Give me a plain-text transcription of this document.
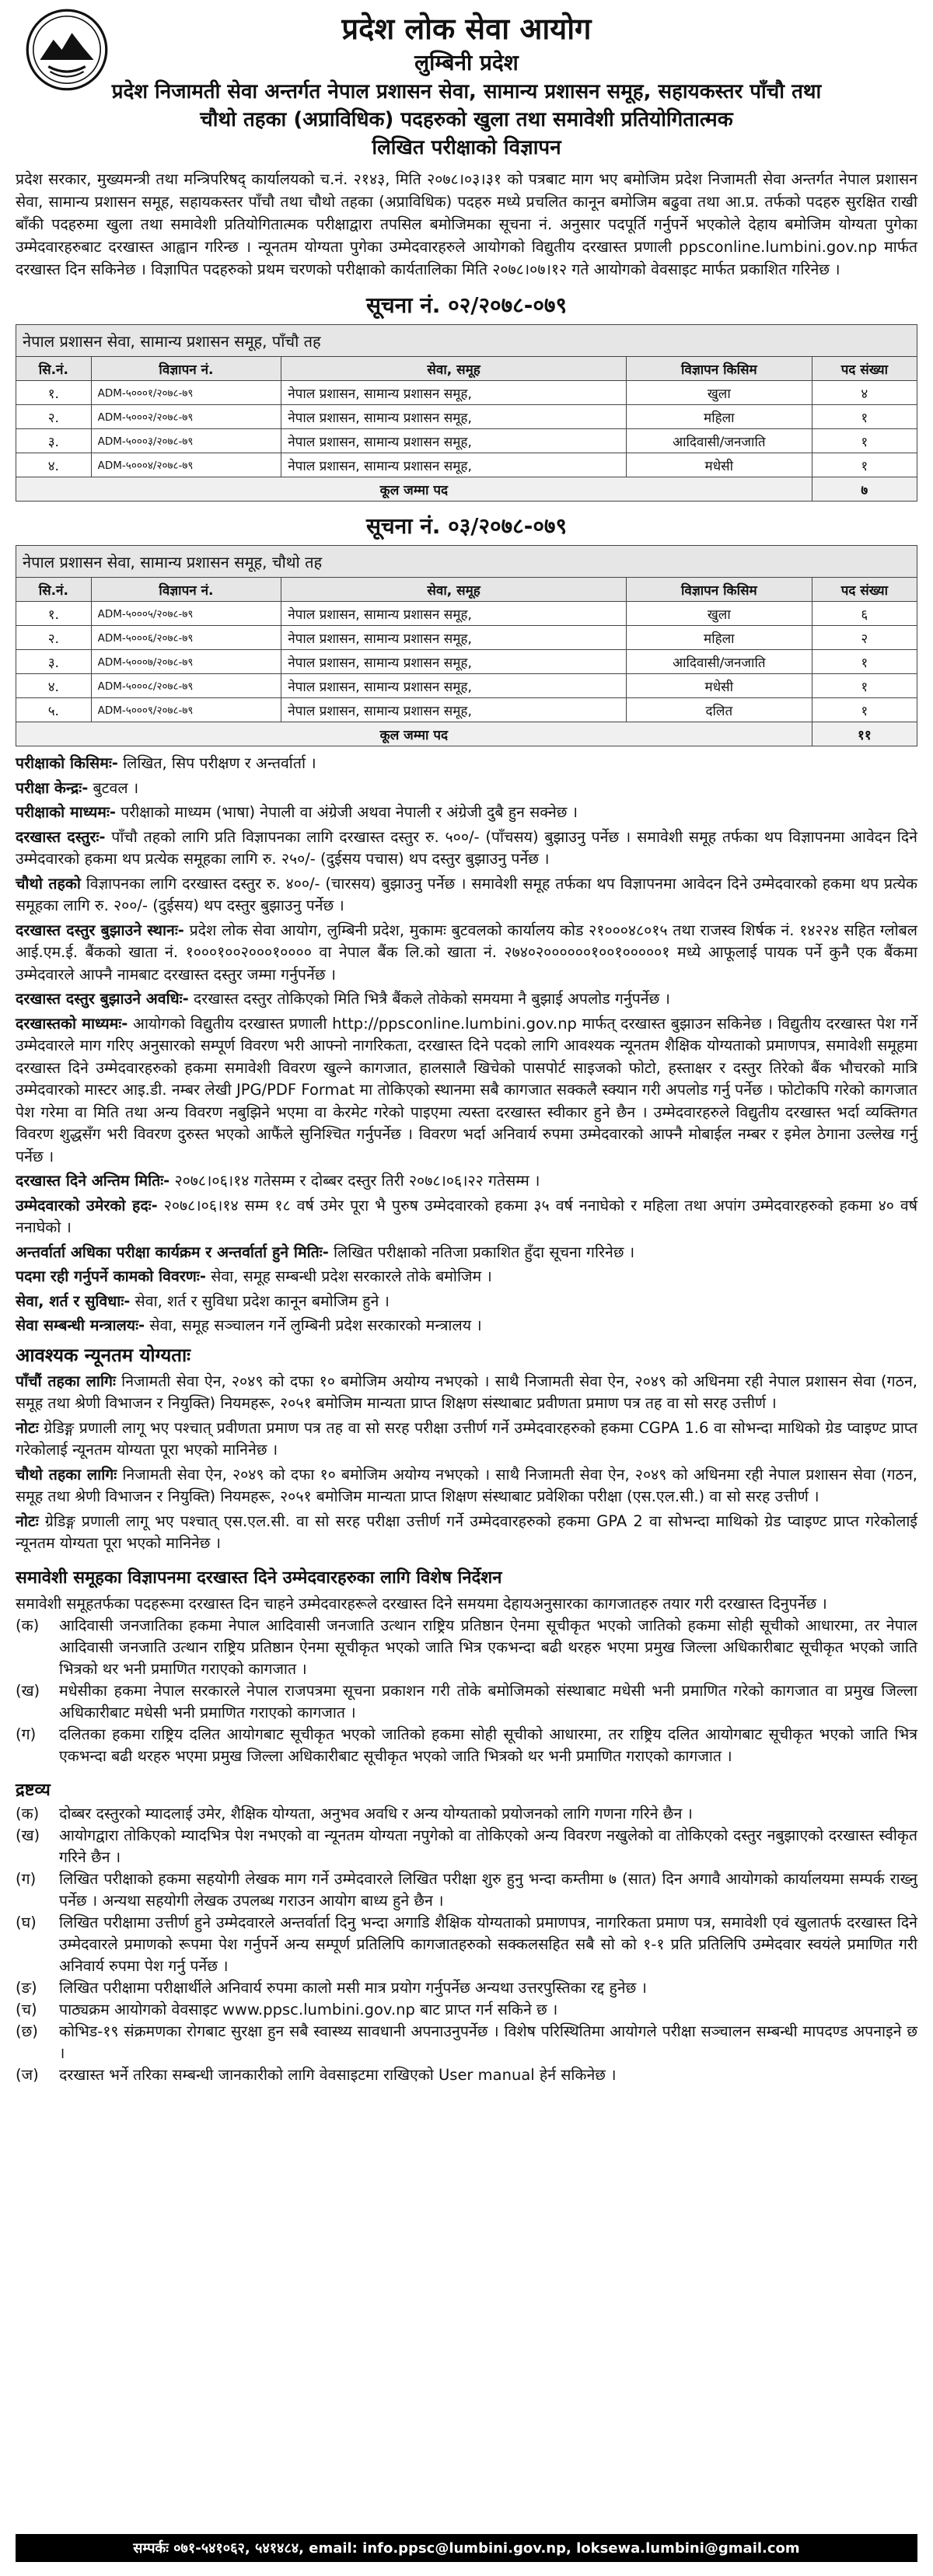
प्रदेश लोक सेवा आयोग

लुम्बिनी प्रदेश

प्रदेश निजामती सेवा अन्तर्गत नेपाल प्रशासन सेवा, सामान्य प्रशासन समूह, सहायकस्तर पाँचौ तथा

चौथो तहका (अप्राविधिक) पदहरुको खुला तथा समावेशी प्रतियोगितात्मक

लिखित परीक्षाको विज्ञापन

प्रदेश सरकार, मुख्यमन्त्री तथा मन्त्रिपरिषद् कार्यालयको च.नं. २१४३, मिति २०७८।०३।३१ को पत्रबाट माग भए बमोजिम प्रदेश निजामती सेवा अन्तर्गत नेपाल प्रशासन सेवा, सामान्य प्रशासन समूह, सहायकस्तर पाँचौ तथा चौथो तहका (अप्राविधिक) पदहरु मध्ये प्रचलित कानून बमोजिम बढुवा तथा आ.प्र. तर्फको पदहरु सुरक्षित राखी बाँकी पदहरुमा खुला तथा समावेशी प्रतियोगितात्मक परीक्षाद्वारा तपसिल बमोजिमका सूचना नं. अनुसार पदपूर्ति गर्नुपर्ने भएकोले देहाय बमोजिम योग्यता पुगेका उम्मेदवारहरुबाट दरखास्त आह्वान गरिन्छ । न्यूनतम योग्यता पुगेका उम्मेदवारहरुले आयोगको विद्युतीय दरखास्त प्रणाली ppsconline.lumbini.gov.np मार्फत दरखास्त दिन सकिनेछ । विज्ञापित पदहरुको प्रथम चरणको परीक्षाको कार्यतालिका मिति २०७८।०७।१२ गते आयोगको वेवसाइट मार्फत प्रकाशित गरिनेछ ।

सूचना नं. ०२/२०७८-०७९

नेपाल प्रशासन सेवा, सामान्य प्रशासन समूह, पाँचौ तह				
सि.नं.	विज्ञापन नं.	सेवा, समूह	विज्ञापन किसिम	पद संख्या
१.	ADM-५०००१/२०७८-७९	नेपाल प्रशासन, सामान्य प्रशासन समूह,	खुला	४
२.	ADM-५०००२/२०७८-७९	नेपाल प्रशासन, सामान्य प्रशासन समूह,	महिला	१
३.	ADM-५०००३/२०७८-७९	नेपाल प्रशासन, सामान्य प्रशासन समूह,	आदिवासी/जनजाति	१
४.	ADM-५०००४/२०७८-७९	नेपाल प्रशासन, सामान्य प्रशासन समूह,	मधेसी	१
कूल जम्मा पद				७

सूचना नं. ०३/२०७८-०७९

नेपाल प्रशासन सेवा, सामान्य प्रशासन समूह, चौथो तह				
सि.नं.	विज्ञापन नं.	सेवा, समूह	विज्ञापन किसिम	पद संख्या
१.	ADM-५०००५/२०७८-७९	नेपाल प्रशासन, सामान्य प्रशासन समूह,	खुला	६
२.	ADM-५०००६/२०७८-७९	नेपाल प्रशासन, सामान्य प्रशासन समूह,	महिला	२
३.	ADM-५०००७/२०७८-७९	नेपाल प्रशासन, सामान्य प्रशासन समूह,	आदिवासी/जनजाति	१
४.	ADM-५०००८/२०७८-७९	नेपाल प्रशासन, सामान्य प्रशासन समूह,	मधेसी	१
५.	ADM-५०००९/२०७८-७९	नेपाल प्रशासन, सामान्य प्रशासन समूह,	दलित	१
कूल जम्मा पद				११

परीक्षाको किसिमः- लिखित, सिप परीक्षण र अन्तर्वार्ता ।

परीक्षा केन्द्रः- बुटवल ।

परीक्षाको माध्यमः- परीक्षाको माध्यम (भाषा) नेपाली वा अंग्रेजी अथवा नेपाली र अंग्रेजी दुबै हुन सक्नेछ ।

दरखास्त दस्तुरः- पाँचौ तहको लागि प्रति विज्ञापनका लागि दरखास्त दस्तुर रु. ५००/- (पाँचसय) बुझाउनु पर्नेछ । समावेशी समूह तर्फका थप विज्ञापनमा आवेदन दिने उम्मेदवारको हकमा थप प्रत्येक समूहका लागि रु. २५०/- (दुईसय पचास) थप दस्तुर बुझाउनु पर्नेछ ।

चौथो तहको विज्ञापनका लागि दरखास्त दस्तुर रु. ४००/- (चारसय) बुझाउनु पर्नेछ । समावेशी समूह तर्फका थप विज्ञापनमा आवेदन दिने उम्मेदवारको हकमा थप प्रत्येक समूहका लागि रु. २००/- (दुईसय) थप दस्तुर बुझाउनु पर्नेछ ।

दरखास्त दस्तुर बुझाउने स्थानः- प्रदेश लोक सेवा आयोग, लुम्बिनी प्रदेश, मुकामः बुटवलको कार्यालय कोड २१०००४८०१५ तथा राजस्व शिर्षक नं. १४२२४ सहित ग्लोबल आई.एम.ई. बैंकको खाता नं. १०००१००२०००१०००० वा नेपाल बैंक लि.को खाता नं. २७४०२००००००१००१०००००१ मध्ये आफूलाई पायक पर्ने कुनै एक बैंकमा उम्मेदवारले आफ्नै नामबाट दरखास्त दस्तुर जम्मा गर्नुपर्नेछ ।

दरखास्त दस्तुर बुझाउने अवधिः- दरखास्त दस्तुर तोकिएको मिति भित्रै बैंकले तोकेको समयमा नै बुझाई अपलोड गर्नुपर्नेछ ।

दरखास्तको माध्यमः- आयोगको विद्युतीय दरखास्त प्रणाली http://ppsconline.lumbini.gov.np मार्फत् दरखास्त बुझाउन सकिनेछ । विद्युतीय दरखास्त पेश गर्ने उम्मेदवारले माग गरिए अनुसारको सम्पूर्ण विवरण भरी आफ्नो नागरिकता, दरखास्त दिने पदको लागि आवश्यक न्यूनतम शैक्षिक योग्यताको प्रमाणपत्र, समावेशी समूहमा दरखास्त दिने उम्मेदवारहरुको हकमा समावेशी विवरण खुल्ने कागजात, हालसालै खिचेको पासपोर्ट साइजको फोटो, हस्ताक्षर र दस्तुर तिरेको बैंक भौचरको मात्रि उम्मेदवारको मास्टर आइ.डी. नम्बर लेखी JPG/PDF Format मा तोकिएको स्थानमा सबै कागजात सक्कलै स्क्यान गरी अपलोड गर्नु पर्नेछ । फोटोकपि गरेको कागजात पेश गरेमा वा मिति तथा अन्य विवरण नबुझिने भएमा वा केरमेट गरेको पाइएमा त्यस्ता दरखास्त स्वीकार हुने छैन । उम्मेदवारहरुले विद्युतीय दरखास्त भर्दा व्यक्तिगत विवरण शुद्धसँग भरी विवरण दुरुस्त भएको आफैंले सुनिश्चित गर्नुपर्नेछ । विवरण भर्दा अनिवार्य रुपमा उम्मेदवारको आफ्नै मोबाईल नम्बर र इमेल ठेगाना उल्लेख गर्नु पर्नेछ ।

दरखास्त दिने अन्तिम मितिः- २०७८।०६।१४ गतेसम्म र दोब्बर दस्तुर तिरी २०७८।०६।२२ गतेसम्म ।

उम्मेदवारको उमेरको हदः- २०७८।०६।१४ सम्म १८ वर्ष उमेर पूरा भै पुरुष उम्मेदवारको हकमा ३५ वर्ष ननाघेको र महिला तथा अपांग उम्मेदवारहरुको हकमा ४० वर्ष ननाघेको ।

अन्तर्वार्ता अधिका परीक्षा कार्यक्रम र अन्तर्वार्ता हुने मितिः- लिखित परीक्षाको नतिजा प्रकाशित हुँदा सूचना गरिनेछ ।

पदमा रही गर्नुपर्ने कामको विवरणः- सेवा, समूह सम्बन्धी प्रदेश सरकारले तोके बमोजिम ।

सेवा, शर्त र सुविधाः- सेवा, शर्त र सुविधा प्रदेश कानून बमोजिम हुने ।

सेवा सम्बन्धी मन्त्रालयः- सेवा, समूह सञ्चालन गर्ने लुम्बिनी प्रदेश सरकारको मन्त्रालय ।

आवश्यक न्यूनतम योग्यताः

पाँचौं तहका लागिः निजामती सेवा ऐन, २०४९ को दफा १० बमोजिम अयोग्य नभएको । साथै निजामती सेवा ऐन, २०४९ को अधिनमा रही नेपाल प्रशासन सेवा (गठन, समूह तथा श्रेणी विभाजन र नियुक्ति) नियमहरू, २०५१ बमोजिम मान्यता प्राप्त शिक्षण संस्थाबाट प्रवीणता प्रमाण पत्र तह वा सो सरह उत्तीर्ण ।

नोटः ग्रेडिङ्ग प्रणाली लागू भए पश्चात् प्रवीणता प्रमाण पत्र तह वा सो सरह परीक्षा उत्तीर्ण गर्ने उम्मेदवारहरुको हकमा CGPA 1.6 वा सोभन्दा माथिको ग्रेड प्वाइण्ट प्राप्त गरेकोलाई न्यूनतम योग्यता पूरा भएको मानिनेछ ।

चौथो तहका लागिः निजामती सेवा ऐन, २०४९ को दफा १० बमोजिम अयोग्य नभएको । साथै निजामती सेवा ऐन, २०४९ को अधिनमा रही नेपाल प्रशासन सेवा (गठन, समूह तथा श्रेणी विभाजन र नियुक्ति) नियमहरू, २०५१ बमोजिम मान्यता प्राप्त शिक्षण संस्थाबाट प्रवेशिका परीक्षा (एस.एल.सी.) वा सो सरह उत्तीर्ण ।

नोटः ग्रेडिङ्ग प्रणाली लागू भए पश्चात् एस.एल.सी. वा सो सरह परीक्षा उत्तीर्ण गर्ने उम्मेदवारहरुको हकमा GPA 2 वा सोभन्दा माथिको ग्रेड प्वाइण्ट प्राप्त गरेकोलाई न्यूनतम योग्यता पूरा भएको मानिनेछ ।

समावेशी समूहका विज्ञापनमा दरखास्त दिने उम्मेदवारहरुका लागि विशेष निर्देशन

समावेशी समूहतर्फका पदहरूमा दरखास्त दिन चाहने उम्मेदवारहरूले दरखास्त दिने समयमा देहायअनुसारका कागजातहरु तयार गरी दरखास्त दिनुपर्नेछ ।

(क)	आदिवासी जनजातिका हकमा नेपाल आदिवासी जनजाति उत्थान राष्ट्रिय प्रतिष्ठान ऐनमा सूचीकृत भएको जातिको हकमा सोही सूचीको आधारमा, तर नेपाल आदिवासी जनजाति उत्थान राष्ट्रिय प्रतिष्ठान ऐनमा सूचीकृत भएको जाति भित्र एकभन्दा बढी थरहरु भएमा प्रमुख जिल्ला अधिकारीबाट सूचीकृत भएको जाति भित्रको थर भनी प्रमाणित गराएको कागजात ।
(ख)	मधेसीका हकमा नेपाल सरकारले नेपाल राजपत्रमा सूचना प्रकाशन गरी तोके बमोजिमको संस्थाबाट मधेसी भनी प्रमाणित गरेको कागजात वा प्रमुख जिल्ला अधिकारीबाट मधेसी भनी प्रमाणित गराएको कागजात ।
(ग)	दलितका हकमा राष्ट्रिय दलित आयोगबाट सूचीकृत भएको जातिको हकमा सोही सूचीको आधारमा, तर राष्ट्रिय दलित आयोगबाट सूचीकृत भएको जाति भित्र एकभन्दा बढी थरहरु भएमा प्रमुख जिल्ला अधिकारीबाट सूचीकृत भएको जाति भित्रको थर भनी प्रमाणित गराएको कागजात ।

द्रष्टव्य

(क)	दोब्बर दस्तुरको म्यादलाई उमेर, शैक्षिक योग्यता, अनुभव अवधि र अन्य योग्यताको प्रयोजनको लागि गणना गरिने छैन ।
(ख)	आयोगद्वारा तोकिएको म्यादभित्र पेश नभएको वा न्यूनतम योग्यता नपुगेको वा तोकिएको अन्य विवरण नखुलेको वा तोकिएको दस्तुर नबुझाएको दरखास्त स्वीकृत गरिने छैन ।
(ग)	लिखित परीक्षाको हकमा सहयोगी लेखक माग गर्ने उम्मेदवारले लिखित परीक्षा शुरु हुनु भन्दा कम्तीमा ७ (सात) दिन अगावै आयोगको कार्यालयमा सम्पर्क राख्नु पर्नेछ । अन्यथा सहयोगी लेखक उपलब्ध गराउन आयोग बाध्य हुने छैन ।
(घ)	लिखित परीक्षामा उत्तीर्ण हुने उम्मेदवारले अन्तर्वार्ता दिनु भन्दा अगाडि शैक्षिक योग्यताको प्रमाणपत्र, नागरिकता प्रमाण पत्र, समावेशी एवं खुलातर्फ दरखास्त दिने उम्मेदवारले प्रमाणको रूपमा पेश गर्नुपर्ने अन्य सम्पूर्ण प्रतिलिपि कागजातहरुको सक्कलसहित सबै सो को १-१ प्रति प्रतिलिपि उम्मेदवार स्वयंले प्रमाणित गरी अनिवार्य रुपमा पेश गर्नु पर्नेछ ।
(ङ)	लिखित परीक्षामा परीक्षार्थीले अनिवार्य रुपमा कालो मसी मात्र प्रयोग गर्नुपर्नेछ अन्यथा उत्तरपुस्तिका रद्द हुनेछ ।
(च)	पाठ्यक्रम आयोगको वेवसाइट www.ppsc.lumbini.gov.np बाट प्राप्त गर्न सकिने छ ।
(छ)	कोभिड-१९ संक्रमणका रोगबाट सुरक्षा हुन सबै स्वास्थ्य सावधानी अपनाउनुपर्नेछ । विशेष परिस्थितिमा आयोगले परीक्षा सञ्चालन सम्बन्धी मापदण्ड अपनाइने छ ।
(ज)	दरखास्त भर्ने तरिका सम्बन्धी जानकारीको लागि वेवसाइटमा राखिएको User manual हेर्न सकिनेछ ।
सम्पर्कः ०७१-५४१०६२, ५४१४८४, email: info.ppsc@lumbini.gov.np, loksewa.lumbini@gmail.com
